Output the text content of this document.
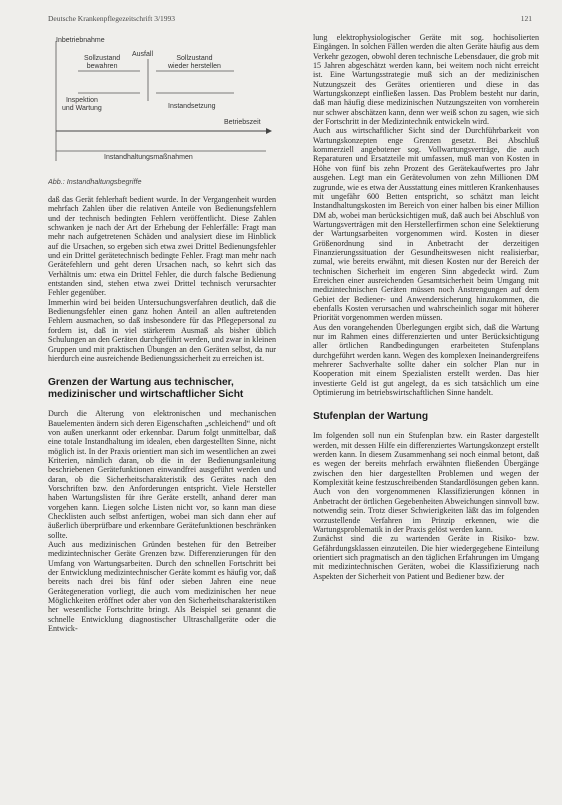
Deutsche Krankenpflegezeitschrift 3/1993	121
Inbetriebnahme
Ausfall
Sollzustand
bewahren
Sollzustand
wieder herstellen
Inspektion
und Wartung	Instandsetzung
Betriebszeit
Instandhaltungsmaßnahmen
Abb.: Instandhaltungsbegriffe

daß das Gerät fehlerhaft bedient wurde. In der Vergangenheit wurden mehrfach Zahlen über die relativen Anteile von Bedienungsfehlern und der technisch bedingten Fehlern veröffentlicht. Diese Zahlen schwanken je nach der Art der Erhebung der Fehlerfälle: Fragt man mehr nach aufgetretenen Schäden und analysiert diese im Hinblick auf die Ursachen, so ergeben sich etwa zwei Drittel Bedienungsfehler und ein Drittel gerätetechnisch bedingte Fehler. Fragt man mehr nach Gerätefehlern und geht deren Ursachen nach, so kehrt sich das Verhältnis um: etwa ein Drittel Fehler, die durch falsche Bedienung entstanden sind, stehen etwa zwei Drittel technisch verursachter Fehler gegenüber.

Immerhin wird bei beiden Untersuchungsverfahren deutlich, daß die Bedienungsfehler einen ganz hohen Anteil an allen auftretenden Fehlern ausmachen, so daß insbesondere für das Pflegepersonal zu fordern ist, daß in viel stärkerem Ausmaß als bisher üblich Schulungen an den Geräten durchgeführt werden, und zwar in kleinen Gruppen und mit praktischen Übungen an den Geräten selbst, da nur hierdurch eine ausreichende Bedienungssicherheit zu erreichen ist.

Grenzen der Wartung aus technischer, medizinischer und wirtschaftlicher Sicht

Durch die Alterung von elektronischen und mechanischen Bauelementen ändern sich deren Eigenschaften „schleichend“ und oft von außen unerkannt oder erkennbar. Darum folgt unmittelbar, daß eine totale Instandhaltung im idealen, eben dargestellten Sinne, nicht möglich ist. In der Praxis orientiert man sich im wesentlichen an zwei Kriterien, nämlich daran, ob die in der Bedienungsanleitung beschriebenen Gerätefunktionen einwandfrei ausgeführt werden und daran, ob die Sicherheitscharakteristik des Gerätes nach den Vorschriften bzw. den Anforderungen entspricht. Viele Hersteller haben Wartungslisten für ihre Geräte erstellt, anhand derer man vorgehen kann. Liegen solche Listen nicht vor, so kann man diese Checklisten auch selbst anfertigen, wobei man sich dann eher auf äußerlich überprüfbare und erkennbare Gerätefunktionen beschränken sollte.

Auch aus medizinischen Gründen bestehen für den Betreiber medizintechnischer Geräte Grenzen bzw. Differenzierungen für den Umfang von Wartungsarbeiten. Durch den schnellen Fortschritt bei der Entwicklung medizintechnischer Geräte kommt es häufig vor, daß bereits nach drei bis fünf oder sieben Jahren eine neue Gerätegeneration vorliegt, die auch vom medizinischen her neue Möglichkeiten eröffnet oder aber von den Sicherheitscharakteristiken her wesentliche Fortschritte bringt. Als Beispiel sei genannt die schnelle Entwicklung diagnostischer Ultraschallgeräte oder die Entwick-

lung elektrophysiologischer Geräte mit sog. hochisolierten Eingängen. In solchen Fällen werden die alten Geräte häufig aus dem Verkehr gezogen, obwohl deren technische Lebensdauer, die grob mit 15 Jahren abgeschätzt werden kann, bei weitem noch nicht erreicht ist. Eine Wartungsstrategie muß sich an der medizinischen Nutzungszeit des Gerätes orientieren und diese in das Wartungskonzept einfließen lassen. Das Problem besteht nur darin, daß man häufig diese medizinischen Nutzungszeiten von vornherein nur schwer abschätzen kann, denn wer weiß schon zu sagen, wie sich der Fortschritt in der Medizintechnik entwickeln wird.

Auch aus wirtschaftlicher Sicht sind der Durchführbarkeit von Wartungskonzepten enge Grenzen gesetzt. Bei Abschluß kommerziell angebotener sog. Vollwartungsverträge, die auch Reparaturen und Ersatzteile mit umfassen, muß man von Kosten in Höhe von fünf bis zehn Prozent des Gerätekaufwertes pro Jahr ausgehen. Legt man ein Gerätevolumen von zehn Millionen DM zugrunde, wie es etwa der Ausstattung eines mittleren Krankenhauses mit ungefähr 600 Betten entspricht, so schätzt man leicht Instandhaltungskosten im Bereich von einer halben bis einer Million DM ab, wobei man berücksichtigen muß, daß auch bei Abschluß von Wartungsverträgen mit den Herstellerfirmen schon eine Selektierung der Wartungsarbeiten vorgenommen wird. Kosten in dieser Größenordnung sind in Anbetracht der derzeitigen Finanzierungssituation der Gesundheitswesen nicht realisierbar, zumal, wie bereits erwähnt, mit diesen Kosten nur der Bereich der technischen Sicherheit im engeren Sinn abgedeckt wird. Zum Erreichen einer ausreichenden Gesamtsicherheit beim Umgang mit medizintechnischen Geräten müssen noch Anstrengungen auf dem Gebiet der Bediener- und Anwendersicherung hinzukommen, die ebenfalls Kosten verursachen und wahrscheinlich sogar mit höherer Priorität vorgenommen werden müssen.

Aus den vorangehenden Überlegungen ergibt sich, daß die Wartung nur im Rahmen eines differenzierten und unter Berücksichtigung aller örtlichen Randbedingungen erarbeiteten Stufenplans durchgeführt werden kann. Wegen des komplexen Ineinandergreifens mehrerer Sachverhalte sollte daher ein solcher Plan nur in Kooperation mit einem Spezialisten erstellt werden. Das hier investierte Geld ist gut angelegt, da es sich tatsächlich um eine Optimierung im betriebswirtschaftlichen Sinne handelt.

Stufenplan der Wartung

Im folgenden soll nun ein Stufenplan bzw. ein Raster dargestellt werden, mit dessen Hilfe ein differenziertes Wartungskonzept erstellt werden kann. In diesem Zusammenhang sei noch einmal betont, daß es wegen der bereits mehrfach erwähnten fließenden Übergänge zwischen den hier dargestellten Problemen und wegen der Komplexität keine festzuschreibenden Standardlösungen geben kann. Auch von den vorgenommenen Klassifizierungen können in Anbetracht der örtlichen Gegebenheiten Abweichungen sinnvoll bzw. notwendig sein. Trotz dieser Schwierigkeiten läßt das im folgenden vorzustellende Verfahren im Prinzip erkennen, wie die Wartungsproblematik in der Praxis gelöst werden kann.

Zunächst sind die zu wartenden Geräte in Risiko- bzw. Gefährdungsklassen einzuteilen. Die hier wiedergegebene Einteilung orientiert sich pragmatisch an den täglichen Erfahrungen im Umgang mit medizintechnischen Geräten, wobei die Klassifizierung nach Aspekten der Sicherheit von Patient und Bediener bzw. der
